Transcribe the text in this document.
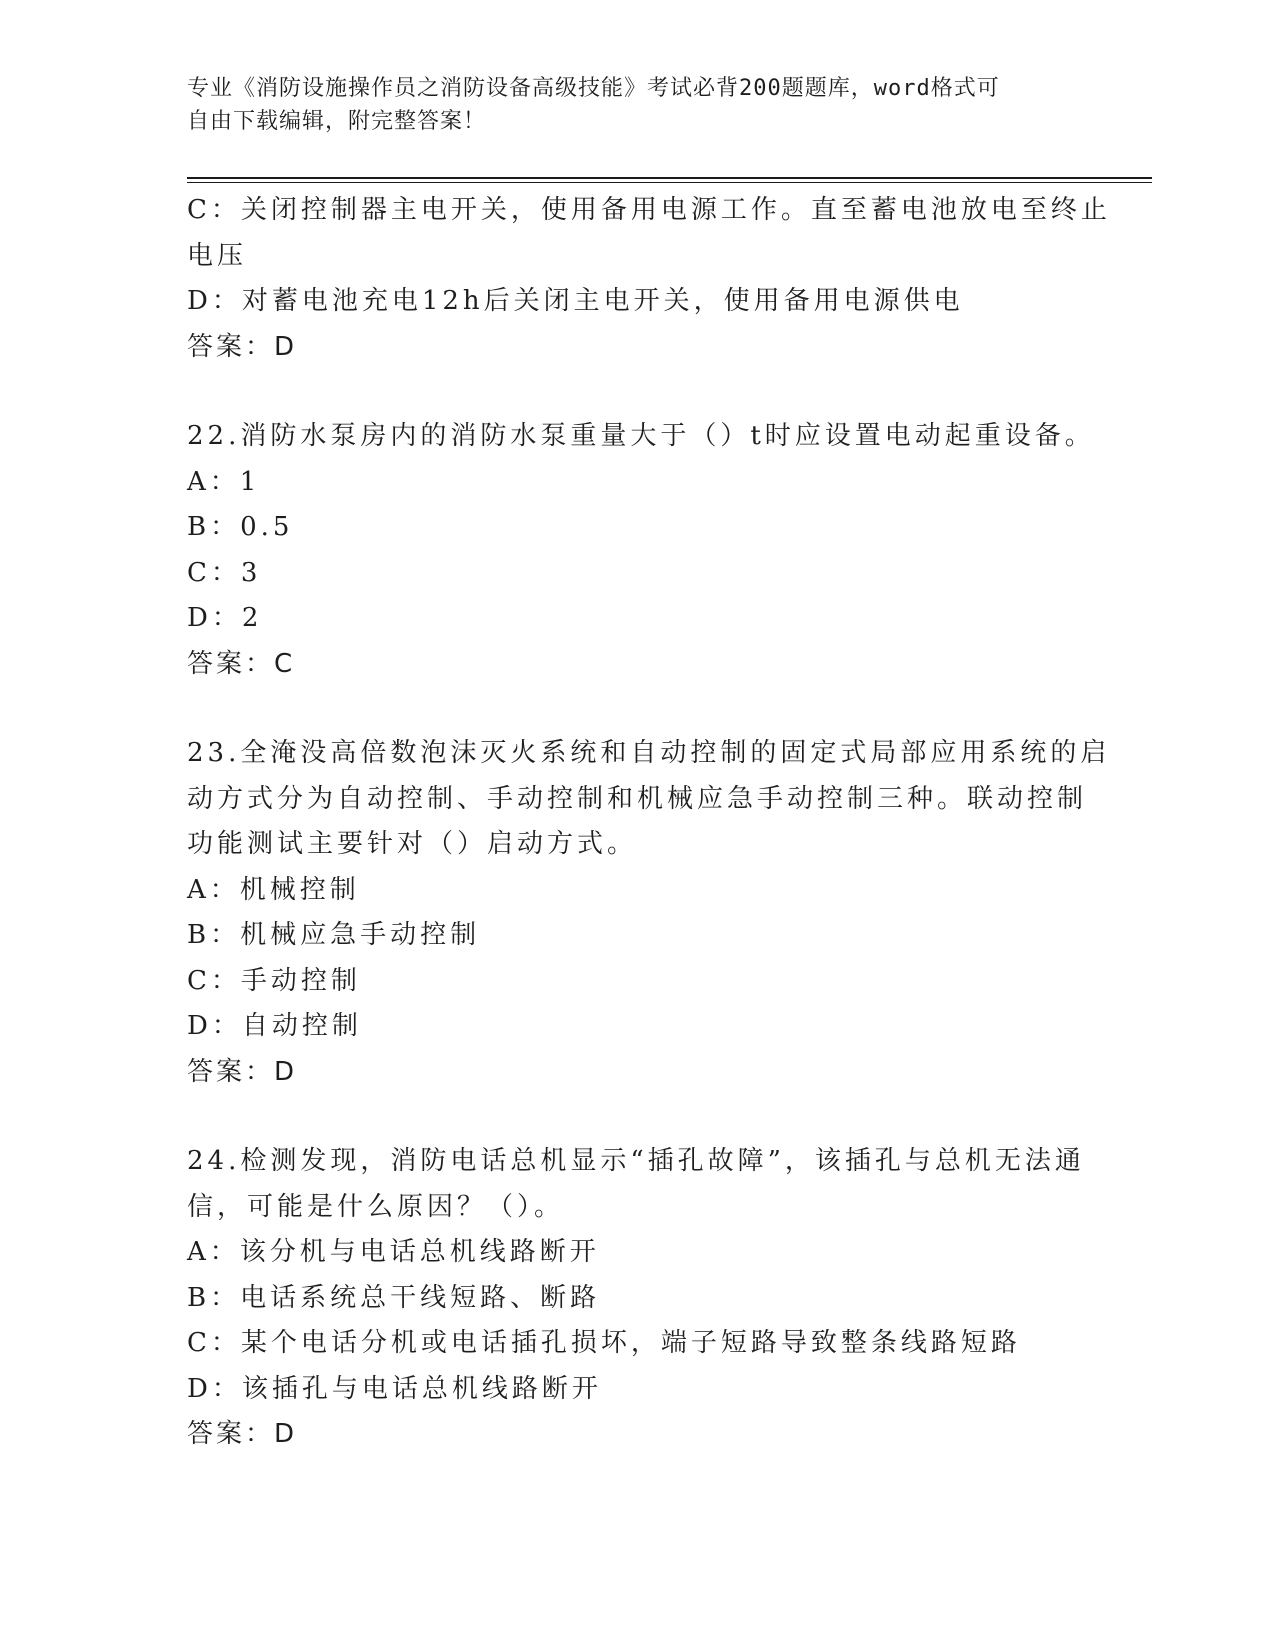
专业《消防设施操作员之消防设备高级技能》考试必背200题题库，word格式可
自由下载编辑，附完整答案！
C：关闭控制器主电开关，使用备用电源工作。直至蓄电池放电至终止
电压
D：对蓄电池充电12h后关闭主电开关，使用备用电源供电
答案：D
22.消防水泵房内的消防水泵重量大于（）t时应设置电动起重设备。
A：1
B：0.5
C：3
D：2
答案：C
23.全淹没高倍数泡沫灭火系统和自动控制的固定式局部应用系统的启
动方式分为自动控制、手动控制和机械应急手动控制三种。联动控制
功能测试主要针对（）启动方式。
A：机械控制
B：机械应急手动控制
C：手动控制
D：自动控制
答案：D
24.检测发现，消防电话总机显示“插孔故障”，该插孔与总机无法通
信，可能是什么原因？（）。
A：该分机与电话总机线路断开
B：电话系统总干线短路、断路
C：某个电话分机或电话插孔损坏，端子短路导致整条线路短路
D：该插孔与电话总机线路断开
答案：D
